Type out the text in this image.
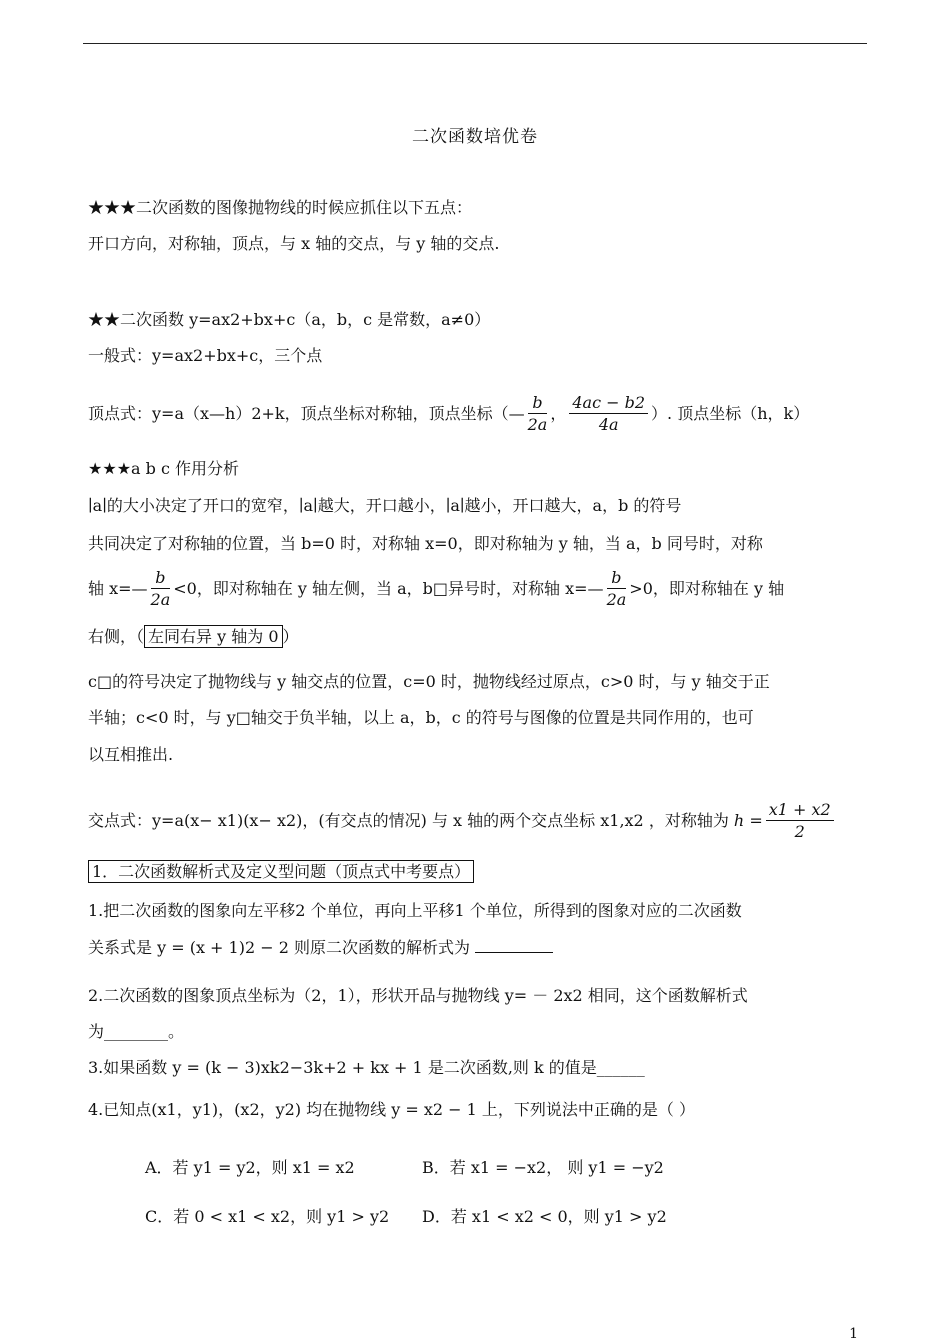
二次函数培优卷
★★★二次函数的图像抛物线的时候应抓住以下五点：
开口方向，对称轴，顶点，与 x 轴的交点，与 y 轴的交点.
★★二次函数 y=ax2+bx+c（a，b，c 是常数，a≠0）
一般式：y=ax2+bx+c，三个点
顶点式：y=a（x—h）2+k，顶点坐标对称轴，顶点坐标（— $\frac{b}{2a}$ ， $\frac{4ac - b2}{4a}$ ）. 顶点坐标（h，k）
★★★a b c 作用分析
∣a∣的大小决定了开口的宽窄，∣a∣越大，开口越小，∣a∣越小，开口越大，a，b 的符号
共同决定了对称轴的位置，当 b=0 时，对称轴 x=0，即对称轴为 y 轴，当 a，b 同号时，对称
轴 x=— $\frac{b}{2a} <0$，即对称轴在 y 轴左侧，当 a，b□异号时，对称轴 x=— $\frac{b}{2a} >0$，即对称轴在 y 轴
右侧，（ 左同右异 y 轴为 0 ）
c□的符号决定了抛物线与 y 轴交点的位置，c=0 时，抛物线经过原点，c>0 时，与 y 轴交于正
半轴；c<0 时，与 y□轴交于负半轴，以上 a，b，c 的符号与图像的位置是共同作用的，也可
以互相推出.
交点式：y=a(x− x1)(x− x2)，(有交点的情况) 与 x 轴的两个交点坐标 x1,x2 ，对称轴为 $h = \frac{x1 + x2}{2}$
1．二次函数解析式及定义型问题（顶点式中考要点）
1.把二次函数的图象向左平移2 个单位，再向上平移1 个单位，所得到的图象对应的二次函数
关系式是 y = (x + 1)2 − 2 则原二次函数的解析式为
2.二次函数的图象顶点坐标为（2，1），形状开品与抛物线 y= － 2x2 相同，这个函数解析式
为________。
3.如果函数 y = (k − 3)xk2−3k+2 + kx + 1 是二次函数,则 k 的值是______
4.已知点(x1，y1)，(x2，y2) 均在抛物线 y = x2 − 1 上，下列说法中正确的是（ ）
A．若 y1 = y2，则 x1 = x2	B．若 x1 = −x2， 则 y1 = −y2
C．若 0 < x1 < x2，则 y1 > y2 D．若 x1 < x2 < 0，则 y1 > y2
1
